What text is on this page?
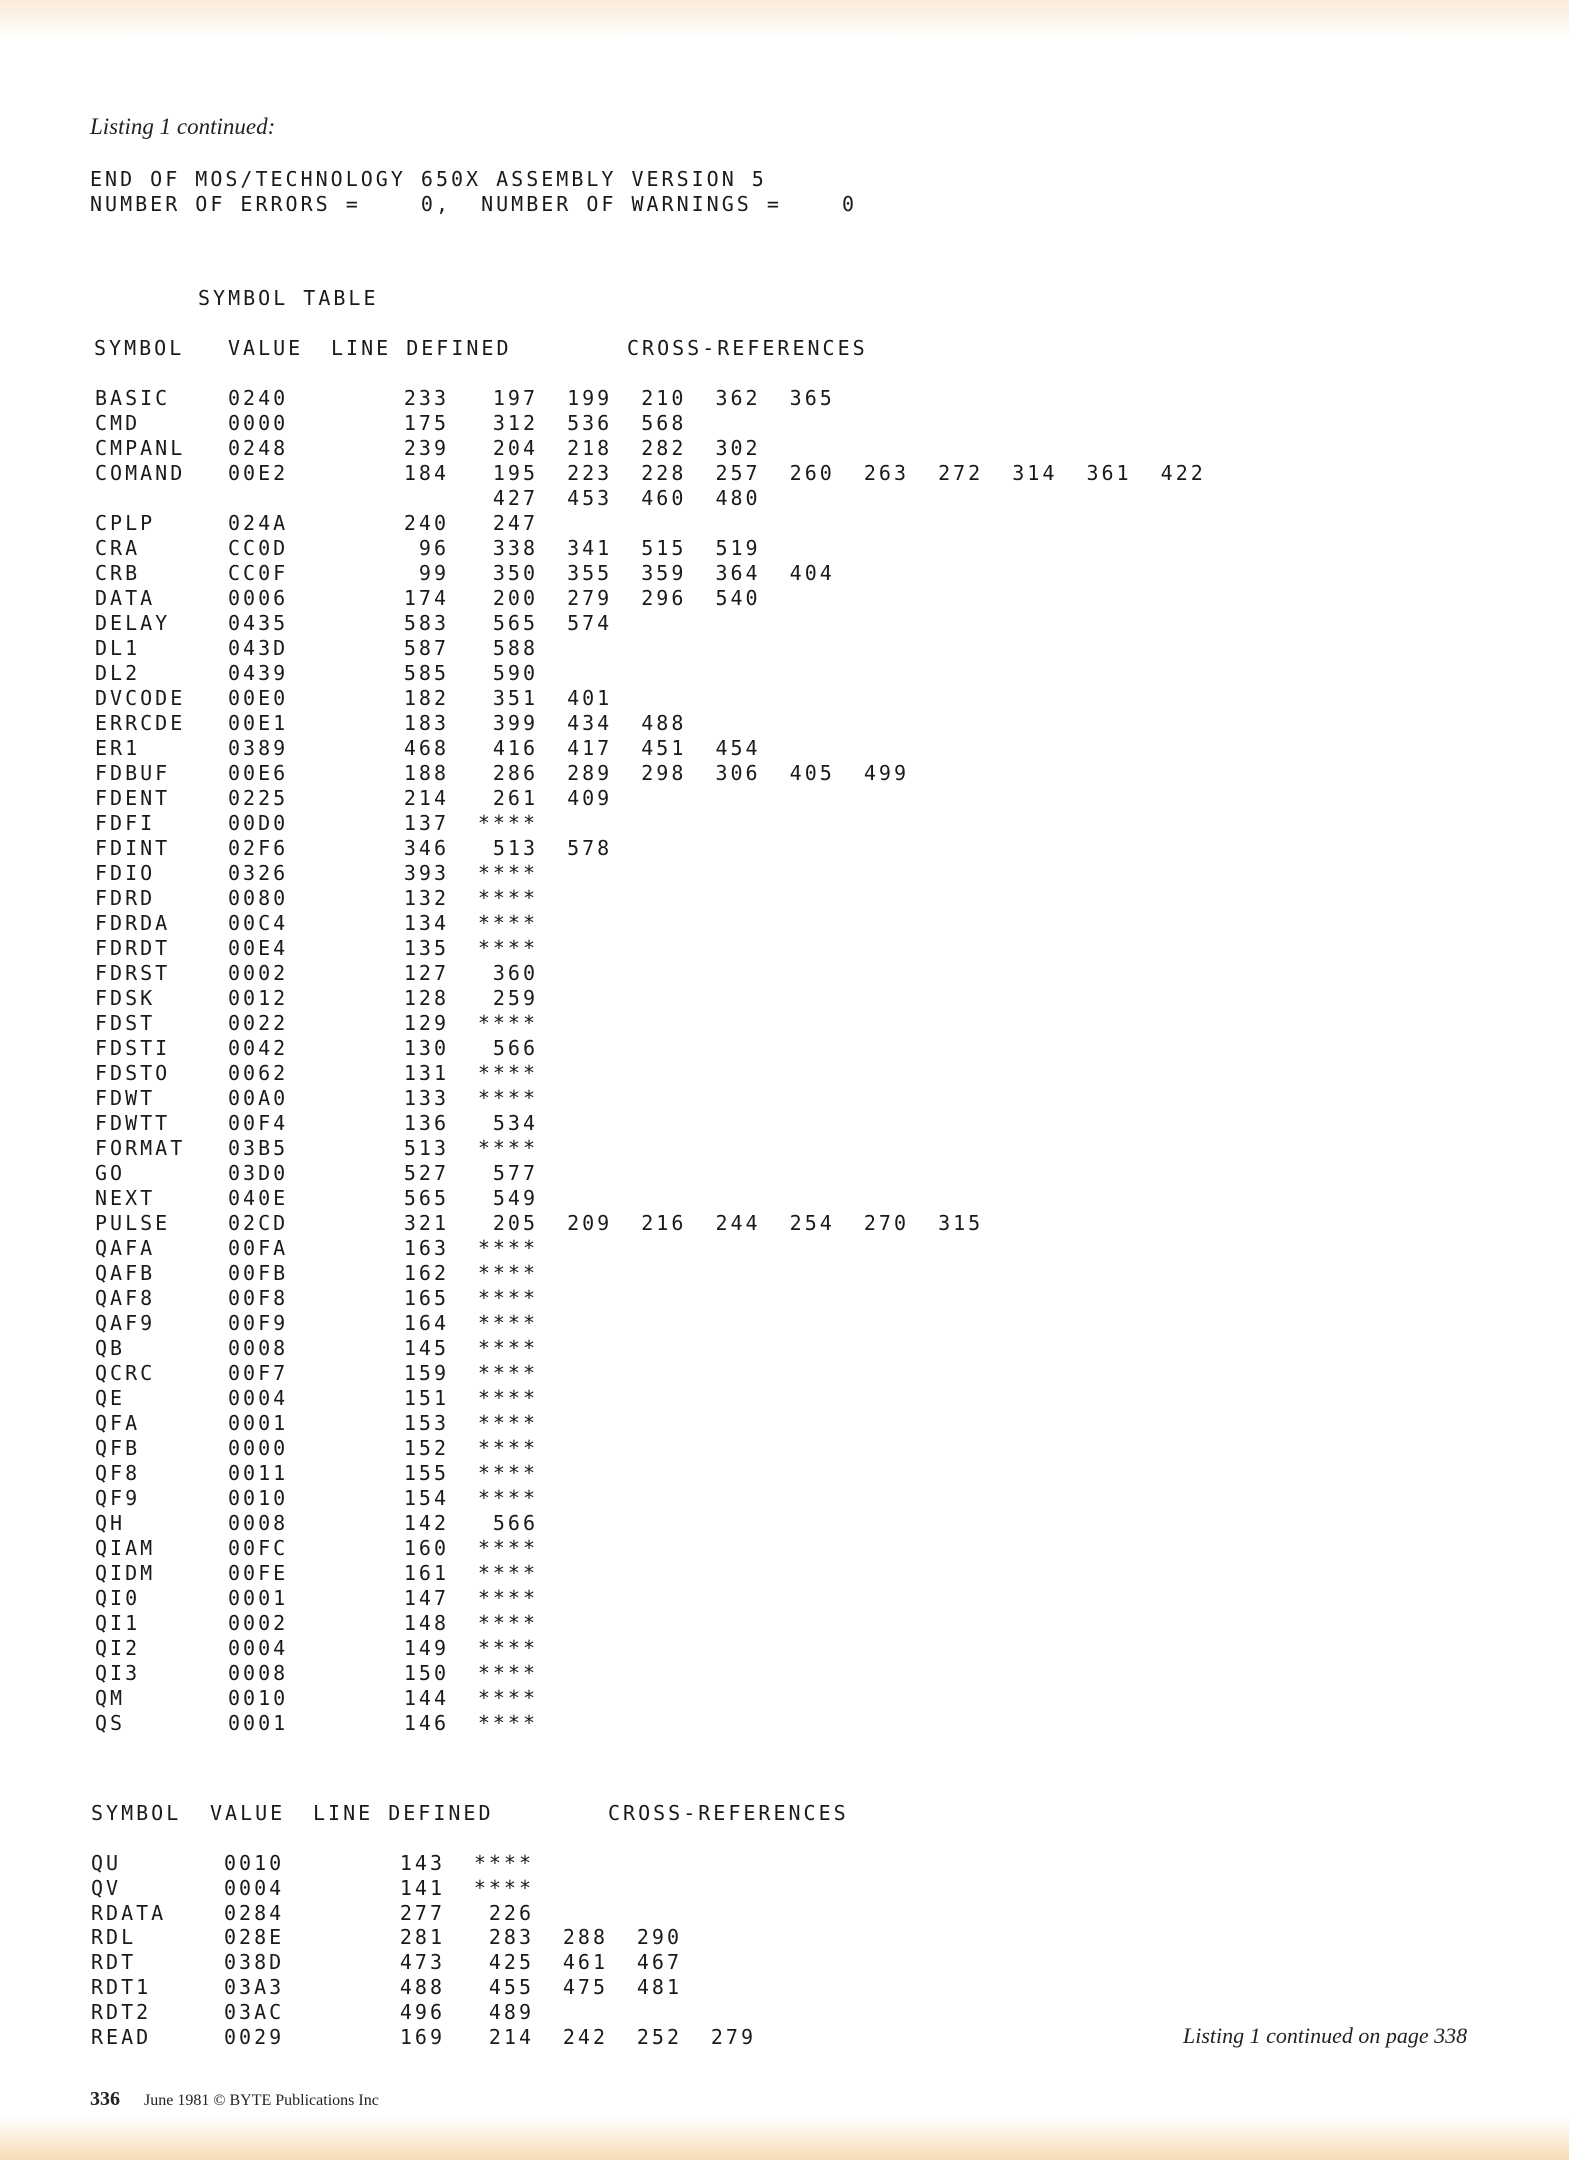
Listing 1 continued:
END OF MOS/TECHNOLOGY 650X ASSEMBLY VERSION 5
NUMBER OF ERRORS =    0,  NUMBER OF WARNINGS =    0
SYMBOL TABLE
SYMBOL VALUE LINE DEFINED	CROSS-REFERENCES
SYMBOL VALUE LINE DEFINED	CROSS-REFERENCES
BASIC	0240	233	197	199	210	362	365
CMD	0000	175	312	536	568
CMPANL 0248	239	204	218	282	302
COMAND 00E2	184	195	223	228	257	260	263	272	314	361	422
427	453	460	480
CPLP	024A	240	247
CRA	CC0D	96	338	341	515	519
CRB	CC0F	99	350	355	359	364	404
DATA	0006	174	200	279	296	540
DELAY	0435	583	565	574
DL1	043D	587	588
DL2	0439	585	590
DVCODE 00E0	182	351	401
ERRCDE 00E1	183	399	434	488
ER1	0389	468	416	417	451	454
FDBUF	00E6	188	286	289	298	306	405	499
FDENT	0225	214	261	409
FDFI	00D0	137	****
FDINT	02F6	346	513	578
FDIO	0326	393	****
FDRD	0080	132	****
FDRDA	00C4	134	****
FDRDT	00E4	135	****
FDRST	0002	127	360
FDSK	0012	128	259
FDST	0022	129	****
FDSTI	0042	130	566
FDSTO	0062	131	****
FDWT	00A0	133	****
FDWTT	00F4	136	534
FORMAT 03B5	513	****
GO	03D0	527	577
NEXT	040E	565	549
PULSE	02CD	321	205	209	216	244	254	270	315
QAFA	00FA	163	****
QAFB	00FB	162	****
QAF8	00F8	165	****
QAF9	00F9	164	****
QB	0008	145	****
QCRC	00F7	159	****
QE	0004	151	****
QFA	0001	153	****
QFB	0000	152	****
QF8	0011	155	****
QF9	0010	154	****
QH	0008	142	566
QIAM	00FC	160	****
QIDM	00FE	161	****
QI0	0001	147	****
QI1	0002	148	****
QI2	0004	149	****
QI3	0008	150	****
QM	0010	144	****
QS	0001	146	****
QU	0010	143	****
QV	0004	141	****
RDATA	0284	277	226
RDL	028E	281	283	288	290
RDT	038D	473	425	461	467
RDT1	03A3	488	455	475	481
RDT2	03AC	496	489
READ	0029	169	214	242	252	279	Listing 1 continued on page 338
336 June 1981 © BYTE Publications Inc
